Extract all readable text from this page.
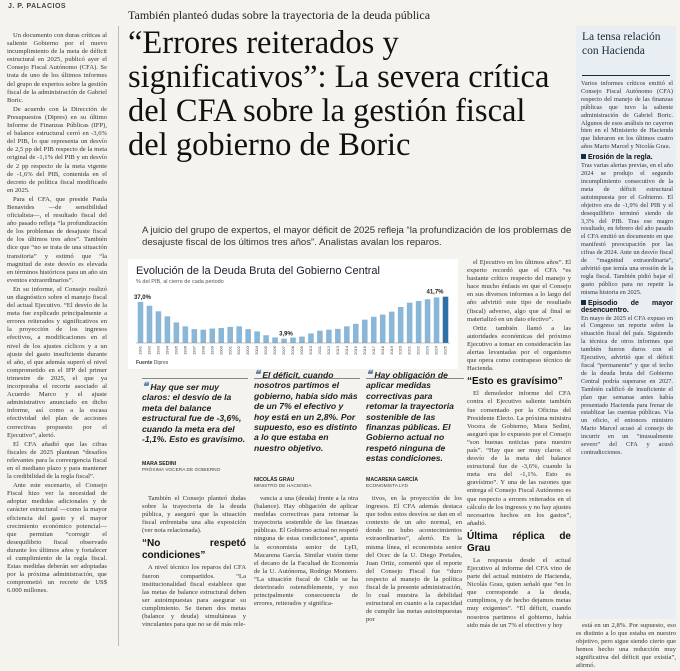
J. P. PALACIOS

Un documento con duras críticas al saliente Gobierno por el nuevo incumplimiento de la meta de déficit estructural en 2025, publicó ayer el Consejo Fiscal Autónomo (CFA). Se trata de uno de los últimos informes del grupo de expertos sobre la gestión fiscal de la administración de Gabriel Boric.

De acuerdo con la Dirección de Presupuestos (Dipres) en su último Informe de Finanzas Públicas (IFP), el balance estructural cerró en -3,6% del PIB, lo que representa un desvío de 2,5 pp del PIB respecto de la meta original de -1,1% del PIB y un desvío de 2 pp respecto de la meta vigente de -1,6% del PIB, contenida en el decreto de política fiscal modificado en 2025.

Para el CFA, que preside Paula Benavides —de sensibilidad oficialista—, el resultado fiscal del año pasado refleja “la profundización de los problemas de desajuste fiscal de los últimos tres años”. También dice que “no se trata de una situación transitoria” y estimó que “la magnitud de este desvío es elevada en términos históricos para un año sin eventos extraordinarios”.

En su informe, el Consejo realizó un diagnóstico sobre el manejo fiscal del actual Ejecutivo. “El desvío de la meta fue explicado principalmente a errores reiterados y significativos en la proyección de los ingresos efectivos, a modificaciones en el nivel de los ajustes cíclicos y a un ajuste del gasto insuficiente durante el año, el que además superó el nivel comprometido en el IFP del primer trimestre de 2025, el que ya incorporaba el recorte asociado al Acuerdo Marco y el ajuste administrativo anunciado en dicho informe, así como a la escasa efectividad del plan de acciones correctivas propuesto por el Ejecutivo”, alertó.

El CFA añadió que las cifras fiscales de 2025 plantean “desafíos relevantes para la convergencia fiscal en el mediano plazo y para mantener la credibilidad de la regla fiscal”.

Ante este escenario, el Consejo Fiscal hizo ver la necesidad de adoptar medidas adicionales y de carácter estructural —como la mayor eficiencia del gasto y el mayor crecimiento económico potencial— que permitan “corregir el desequilibrio fiscal observado durante los últimos años y fortalecer el cumplimiento de la regla fiscal. Estas medidas deberán ser adoptadas por la próxima administración, que comprometió un recorte de US$ 6.000 millones.

También planteó dudas sobre la trayectoria de la deuda pública
“Errores reiterados y significativos”: La severa crítica del CFA sobre la gestión fiscal del gobierno de Boric
A juicio del grupo de expertos, el mayor déficit de 2025 refleja “la profundización de los problemas de desajuste fiscal de los últimos tres años”. Analistas avalan los reparos.
Evolución de la Deuda Bruta del Gobierno Central
% del PIB, al cierre de cada periodo
1991 1992 1993 1994 1995 1996 1997 1998 1999 2000 2001 2002 2003 2004 2005 2006 2007 2008 2009 2010 2011 2012 2013 2014 2015 2016 2017 2018 2019 2020 2021 2022 2023 2024 2025
37,0%
3,9%
41,7%
Fuente Dipres
❝ Hay que ser muy claros: el desvío de la meta del balance estructural fue de -3,6%, cuando la meta era del -1,1%. Esto es gravísimo.
MARA SEDINI
PRÓXIMA VOCERA DE GOBIERNO
❝ El déficit, cuando nosotros partimos el gobierno, había sido más de un 7% el efectivo y hoy está en un 2,8%. Por supuesto, eso es distinto a lo que estaba en nuestro objetivo.
NICOLÁS GRAU
MINISTRO DE HACIENDA
❝ Hay obligación de aplicar medidas correctivas para retomar la trayectoria sostenible de las finanzas públicas. El Gobierno actual no respetó ninguna de estas condiciones.
MACARENA GARCÍA
ECONOMISTA LYD

También el Consejo planteó dudas sobre la trayectoria de la deuda pública, y aseguró que la situación fiscal enfrentaba una alta exposición (ver nota relacionada).

“No respetó condiciones”

A nivel técnico los reparos del CFA fueron compartidos. “La institucionalidad fiscal establece que las metas de balance estructural deben ser autoimpuestas para asegurar su cumplimiento. Se tienen dos metas (balance y deuda) simultáneas y vinculantes para que no se dé más rele-

vancia a una (deuda) frente a la otra (balance). Hay obligación de aplicar medidas correctivas para retomar la trayectoria sostenible de las finanzas públicas. El Gobierno actual no respetó ninguna de estas condiciones”, apunta la economista senior de LyD, Macarena García. Similar visión tiene el decano de la Facultad de Economía de la U. Autónoma, Rodrigo Montero. “La situación fiscal de Chile se ha deteriorado ostensiblemente, y eso principalmente consecuencia de errores, reiterados y significa-

tivos, en la proyección de los ingresos. El CFA además destaca que todos estos desvíos se dan en el contexto de un año normal, en donde no hubo acontecimientos extraordinarios”, alertó. En la misma línea, el economista senior del Ocec de la U. Diego Portales, Juan Ortiz, comentó que el reporte del Consejo Fiscal fue “duro respecto al manejo de la política fiscal de la presente administración, lo cual muestra la debilidad estructural en cuanto a la capacidad de cumplir las metas autoimpuestas por

el Ejecutivo en los últimos años”. El experto recordó que el CFA “es bastante crítico respecto del manejo y hace mucho énfasis en que el Consejo en sus diversos informes a lo largo del año advirtió este tipo de resultado (fiscal) adverso, algo que al final se materializó en un dato efectivo”.

Ortiz también llamó a las autoridades económicas del próximo Ejecutivo a tomar en consideración las alertas levantadas por el organismo que opera como contrapeso técnico de Hacienda.

“Esto es gravísimo”

El demoledor informe del CFA contra el Ejecutivo saliente también fue comentado por la Oficina del Presidente Electo. La próxima ministra Vocera de Gobierno, Mara Sedini, aseguró que lo expuesto por el Consejo “son buenas noticias para nuestro país”. “Hay que ser muy claros: el desvío de la meta del balance estructural fue de -3,6%, cuando la meta era del -1,1%. Esto es gravísimo”. Y una de las razones que entrega el Consejo Fiscal Autónomo es que respecto a errores reiterados en el cálculo de los ingresos y no hay ajustes necesarios hechos en los gastos”, añadió.

Última réplica de Grau

La respuesta desde el actual Ejecutivo al informe del CFA vino de parte del actual ministro de Hacienda, Nicolás Grau, quien señaló que “en lo que corresponde a la deuda, cumplimos, y de hecho dejamos metas muy exigentes”. “El déficit, cuando nosotros partimos el gobierno, había sido más de un 7% el efectivo y hoy

La tensa relación con Hacienda

Varios informes críticos emitió el Consejo Fiscal Autónomo (CFA) respecto del manejo de las finanzas públicas que tuvo la saliente administración de Gabriel Boric. Algunos de esos análisis no cayeron bien en el Ministerio de Hacienda que lideraron en los últimos cuatro años Mario Marcel y Nicolás Grau.

Erosión de la regla.

Tras varias alertas previas, en el año 2024 se produjo el segundo incumplimiento consecutivo de la meta de déficit estructural autoimpuesta por el Gobierno. El objetivo era de -1,9% del PIB y el desequilibrio terminó siendo de 3,3% del PIB. Tras ese magro resultado, en febrero del año pasado el CFA emitió un documento en que manifestó preocupación por las cifras de 2024. Ante un desvío fiscal de “magnitud extraordinaria”, advirtió que temía una erosión de la regla fiscal. También pidió bajar el gasto público para no repetir la misma historia en 2025.

Episodio de mayor desencuentro.

En mayo de 2025 el CFA expuso en el Congreso un reporte sobre la situación fiscal del país. Siguiendo la técnica de otros informes que también fueron duros con el Ejecutivo, advirtió que el déficit fiscal “permanente” y que el techo de la deuda bruta del Gobierno Central podría superarse en 2027. También calificó de insuficiente el plan que semanas antes había presentado Hacienda para frenar de establizar las cuentas públicas. Vía un oficio, el entonces ministro Mario Marcel acusó al consejo de incurrir en un “inusualmente severo” del CFA y acusó contradicciones.

está en un 2,8%. Por supuesto, eso es distinto a lo que estaba en nuestro objetivo, pero sigue siendo cierto que hemos hecho una reducción muy significativa del déficit que existía”, afirmó.
